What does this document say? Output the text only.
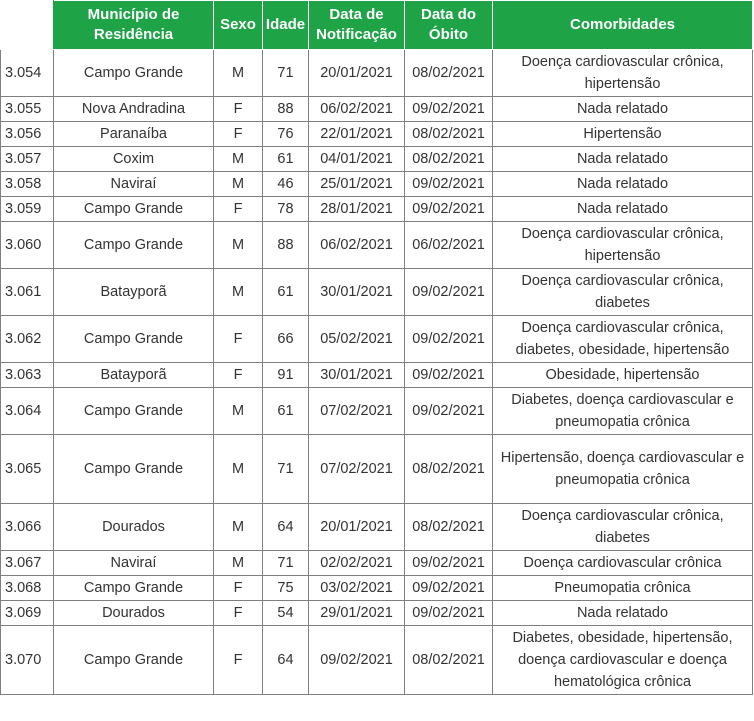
	Município de Residência	Sexo	Idade	Data de Notificação	Data do Óbito	Comorbidades
3.054	Campo Grande	M	71	20/01/2021	08/02/2021	Doença cardiovascular crônica, hipertensão
3.055	Nova Andradina	F	88	06/02/2021	09/02/2021	Nada relatado
3.056	Paranaíba	F	76	22/01/2021	08/02/2021	Hipertensão
3.057	Coxim	M	61	04/01/2021	08/02/2021	Nada relatado
3.058	Naviraí	M	46	25/01/2021	09/02/2021	Nada relatado
3.059	Campo Grande	F	78	28/01/2021	09/02/2021	Nada relatado
3.060	Campo Grande	M	88	06/02/2021	06/02/2021	Doença cardiovascular crônica, hipertensão
3.061	Batayporã	M	61	30/01/2021	09/02/2021	Doença cardiovascular crônica, diabetes
3.062	Campo Grande	F	66	05/02/2021	09/02/2021	Doença cardiovascular crônica, diabetes, obesidade, hipertensão
3.063	Batayporã	F	91	30/01/2021	09/02/2021	Obesidade, hipertensão
3.064	Campo Grande	M	61	07/02/2021	09/02/2021	Diabetes, doença cardiovascular e pneumopatia crônica
3.065	Campo Grande	M	71	07/02/2021	08/02/2021	Hipertensão, doença cardiovascular e pneumopatia crônica
3.066	Dourados	M	64	20/01/2021	08/02/2021	Doença cardiovascular crônica, diabetes
3.067	Naviraí	M	71	02/02/2021	09/02/2021	Doença cardiovascular crônica
3.068	Campo Grande	F	75	03/02/2021	09/02/2021	Pneumopatia crônica
3.069	Dourados	F	54	29/01/2021	09/02/2021	Nada relatado
3.070	Campo Grande	F	64	09/02/2021	08/02/2021	Diabetes, obesidade, hipertensão, doença cardiovascular e doença hematológica crônica
